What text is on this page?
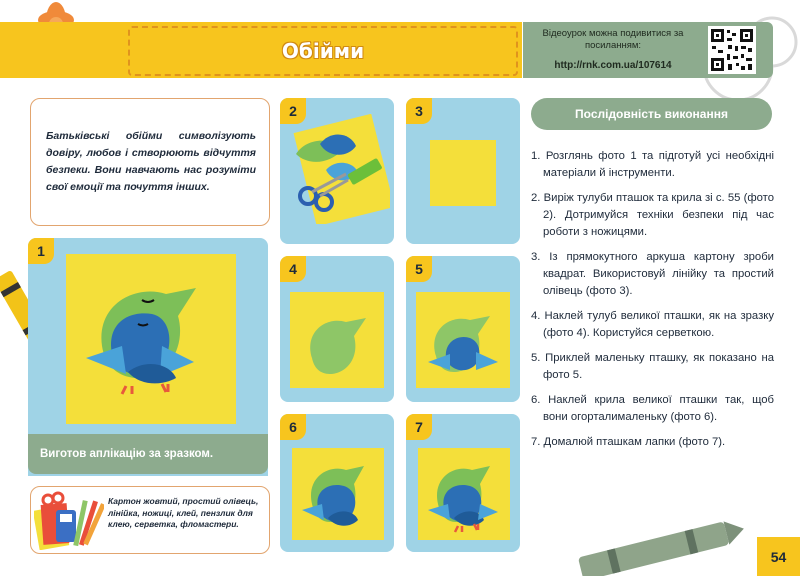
Обійми
Відеоурок можна подивитися за посиланням:
http://rnk.com.ua/107614
Батьківські обійми символізують довіру, любов і створюють відчуття безпеки. Вони навчають нас розуміти свої емоції та почуття інших.
1
Виготов аплікацію за зразком.
2	3
4	5
6	7
Картон жовтий, простий олівець, лінійка, ножиці, клей, пензлик для клею, серветка, фломастери.
Послідовність виконання
1. Розглянь фото 1 та підготуй усі необхідні матеріали й інструменти.
2. Виріж тулуби пташок та крила зі с. 55 (фото 2). Дотримуйся техніки безпеки під час роботи з ножицями.
3. Із прямокутного аркуша картону зроби квадрат. Використовуй лінійку та простий олівець (фото 3).
4. Наклей тулуб великої пташки, як на зразку (фото 4). Користуйся серветкою.
5. Приклей маленьку пташку, як показано на фото 5.
6. Наклей крила великої пташки так, щоб вони огорталималеньку (фото 6).
7. Домалюй пташкам лапки (фото 7).
54
